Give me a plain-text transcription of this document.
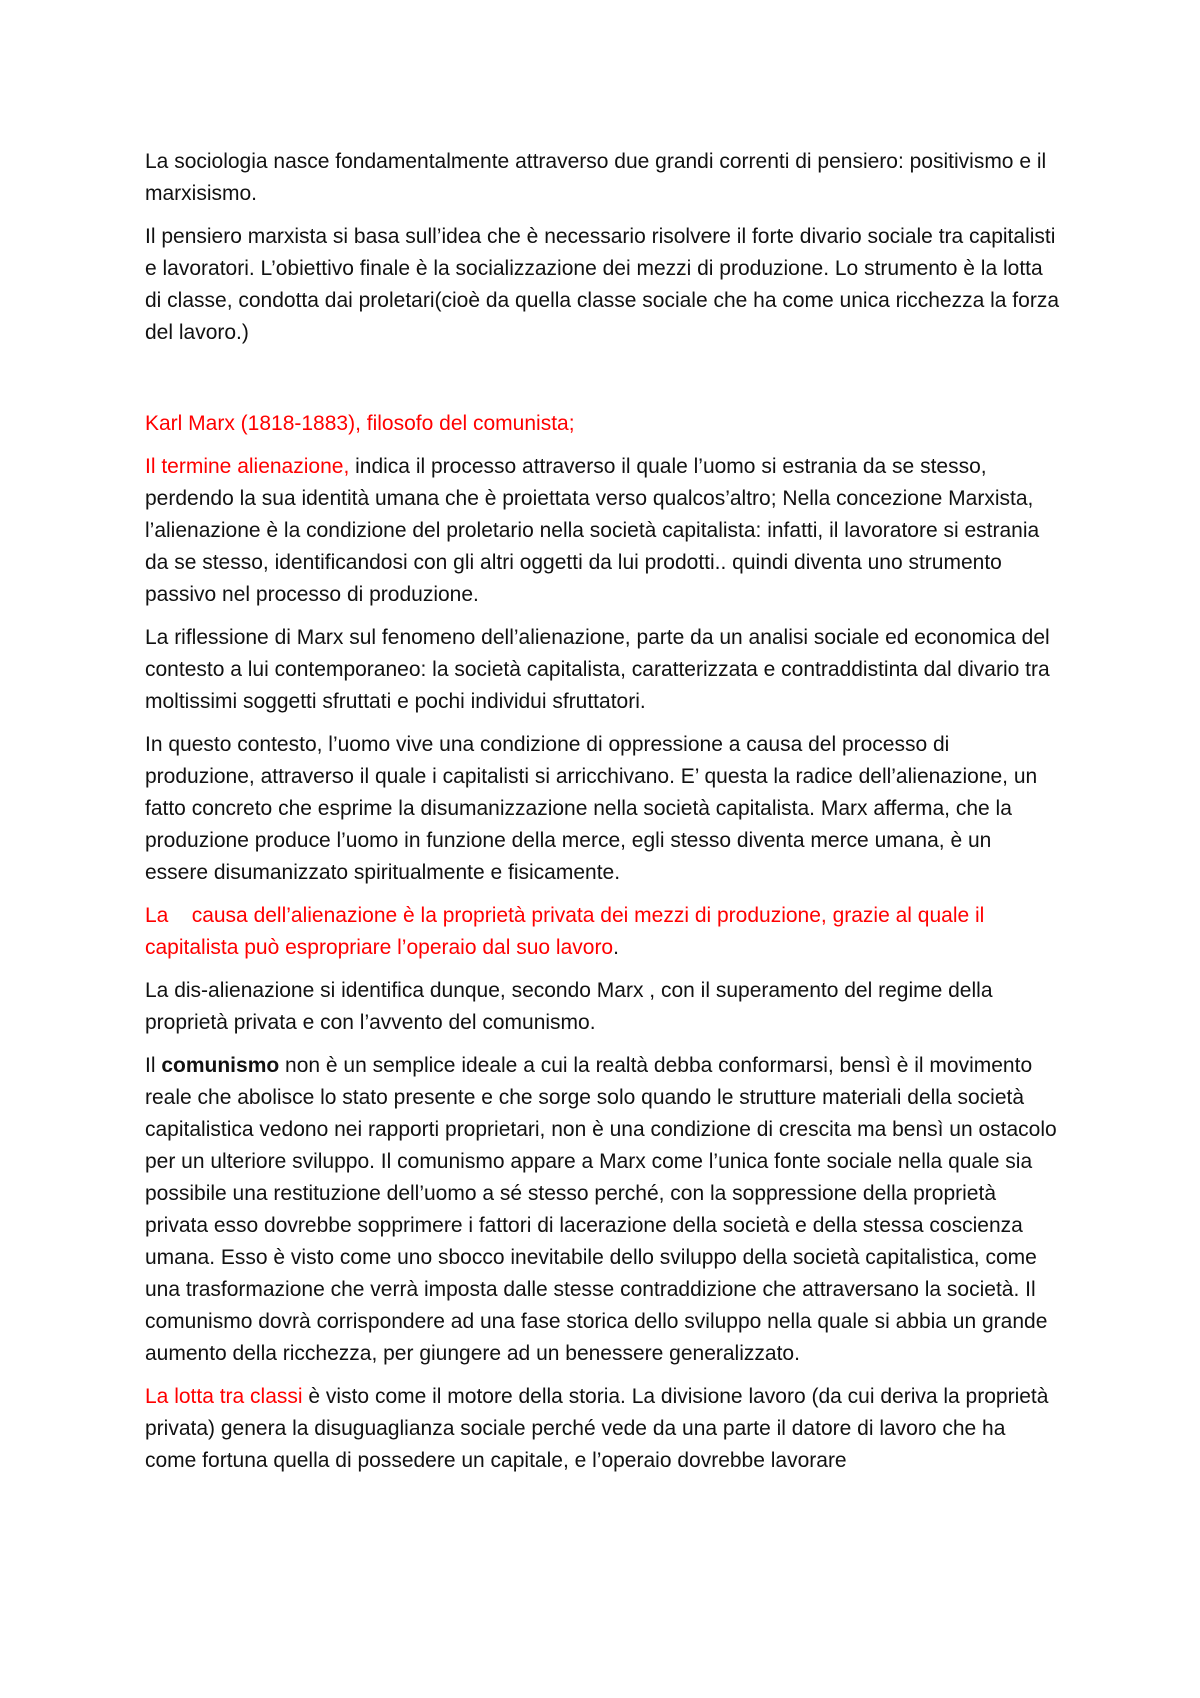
La sociologia nasce fondamentalmente attraverso due grandi correnti di pensiero: positivismo e il marxisismo.

Il pensiero marxista si basa sull’idea che è necessario risolvere il forte divario sociale tra capitalisti e lavoratori. L’obiettivo finale è la socializzazione dei mezzi di produzione. Lo strumento è la lotta di classe, condotta dai proletari(cioè da quella classe sociale che ha come unica ricchezza la forza del lavoro.)

Karl Marx (1818-1883), filosofo del comunista;

Il termine alienazione, indica il processo attraverso il quale l’uomo si estrania da se stesso, perdendo la sua identità umana che è proiettata verso qualcos’altro; Nella concezione Marxista, l’alienazione è la condizione del proletario nella società capitalista: infatti, il lavoratore si estrania da se stesso, identificandosi con gli altri oggetti da lui prodotti.. quindi diventa uno strumento passivo nel processo di produzione.

La riflessione di Marx sul fenomeno dell’alienazione, parte da un analisi sociale ed economica del contesto a lui contemporaneo: la società capitalista, caratterizzata e contraddistinta dal divario tra moltissimi soggetti sfruttati e pochi individui sfruttatori.

In questo contesto, l’uomo vive una condizione di oppressione a causa del processo di produzione, attraverso il quale i capitalisti si arricchivano. E’ questa la radice dell’alienazione, un fatto concreto che esprime la disumanizzazione nella società capitalista. Marx afferma, che la produzione produce l’uomo in funzione della merce, egli stesso diventa merce umana, è un essere disumanizzato spiritualmente e fisicamente.

La    causa dell’alienazione è la proprietà privata dei mezzi di produzione, grazie al quale il capitalista può espropriare l’operaio dal suo lavoro.

La dis-alienazione si identifica dunque, secondo Marx , con il superamento del regime della proprietà privata e con l’avvento del comunismo.

Il comunismo non è un semplice ideale a cui la realtà debba conformarsi, bensì è il movimento reale che abolisce lo stato presente e che sorge solo quando le strutture materiali della società capitalistica vedono nei rapporti proprietari, non è una condizione di crescita ma bensì un ostacolo per un ulteriore sviluppo. Il comunismo appare a Marx come l’unica fonte sociale nella quale sia possibile una restituzione dell’uomo a sé stesso perché, con la soppressione della proprietà privata esso dovrebbe sopprimere i fattori di lacerazione della società e della stessa coscienza umana. Esso è visto come uno sbocco inevitabile dello sviluppo della società capitalistica, come una trasformazione che verrà imposta dalle stesse contraddizione che attraversano la società. Il comunismo dovrà corrispondere ad una fase storica dello sviluppo nella quale si abbia un grande aumento della ricchezza, per giungere ad un benessere generalizzato.

La lotta tra classi è visto come il motore della storia. La divisione lavoro (da cui deriva la proprietà privata) genera la disuguaglianza sociale perché vede da una parte il datore di lavoro che ha come fortuna quella di possedere un capitale, e l’operaio dovrebbe lavorare
